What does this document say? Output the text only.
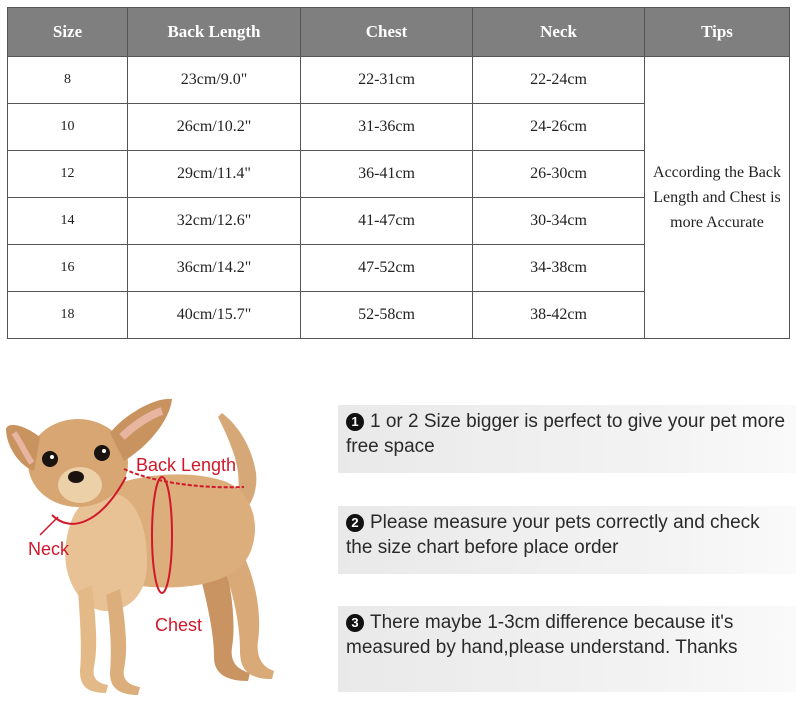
Size	Back Length	Chest	Neck	Tips
8	23cm/9.0"	22-31cm	22-24cm	According the Back Length and Chest is more Accurate
10	26cm/10.2"	31-36cm	24-26cm	
12	29cm/11.4"	36-41cm	26-30cm	
14	32cm/12.6"	41-47cm	30-34cm	
16	36cm/14.2"	47-52cm	34-38cm	
18	40cm/15.7"	52-58cm	38-42cm	
Back Length
Neck
Chest
1 1 or 2 Size bigger is perfect to give your pet more free space
2 Please measure your pets correctly and check the size chart before place order
3 There maybe 1-3cm difference because it's measured by hand,please understand. Thanks
